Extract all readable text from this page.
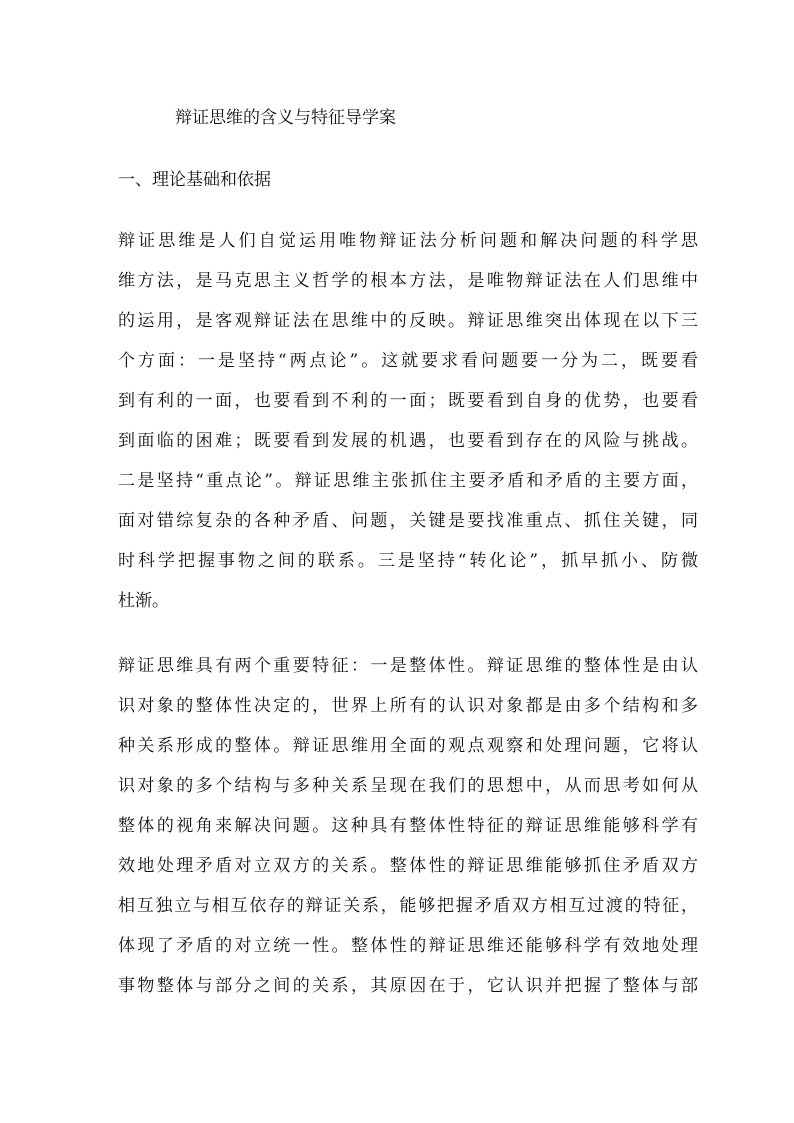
辩证思维的含义与特征导学案
一、理论基础和依据

辩证思维是人们自觉运用唯物辩证法分析问题和解决问题的科学思
维方法，是马克思主义哲学的根本方法，是唯物辩证法在人们思维中
的运用，是客观辩证法在思维中的反映。辩证思维突出体现在以下三
个方面：一是坚持“两点论”。这就要求看问题要一分为二，既要看
到有利的一面，也要看到不利的一面；既要看到自身的优势，也要看
到面临的困难；既要看到发展的机遇，也要看到存在的风险与挑战。
二是坚持“重点论”。辩证思维主张抓住主要矛盾和矛盾的主要方面，
面对错综复杂的各种矛盾、问题，关键是要找准重点、抓住关键，同
时科学把握事物之间的联系。三是坚持“转化论”，抓早抓小、防微
杜渐。

辩证思维具有两个重要特征：一是整体性。辩证思维的整体性是由认
识对象的整体性决定的，世界上所有的认识对象都是由多个结构和多
种关系形成的整体。辩证思维用全面的观点观察和处理问题，它将认
识对象的多个结构与多种关系呈现在我们的思想中，从而思考如何从
整体的视角来解决问题。这种具有整体性特征的辩证思维能够科学有
效地处理矛盾对立双方的关系。整体性的辩证思维能够抓住矛盾双方
相互独立与相互依存的辩证关系，能够把握矛盾双方相互过渡的特征，
体现了矛盾的对立统一性。整体性的辩证思维还能够科学有效地处理
事物整体与部分之间的关系，其原因在于，它认识并把握了整体与部
